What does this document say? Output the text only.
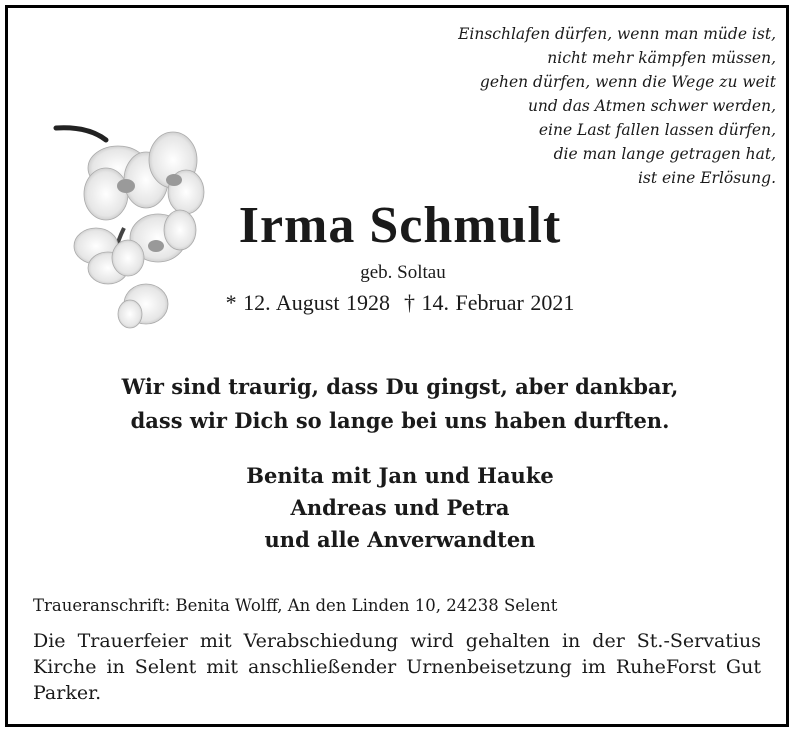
Einschlafen dürfen, wenn man müde ist,
nicht mehr kämpfen müssen,
gehen dürfen, wenn die Wege zu weit
und das Atmen schwer werden,
eine Last fallen lassen dürfen,
die man lange getragen hat,
ist eine Erlösung.
Irma Schmult
geb. Soltau
* 12. August 1928 † 14. Februar 2021
Wir sind traurig, dass Du gingst, aber dankbar,
dass wir Dich so lange bei uns haben durften.
Benita mit Jan und Hauke
Andreas und Petra
und alle Anverwandten
Traueranschrift: Benita Wolff, An den Linden 10, 24238 Selent
Die Trauerfeier mit Verabschiedung wird gehalten in der St.-Servatius Kirche in Selent mit anschließender Urnenbeisetzung im RuheForst Gut Parker.
